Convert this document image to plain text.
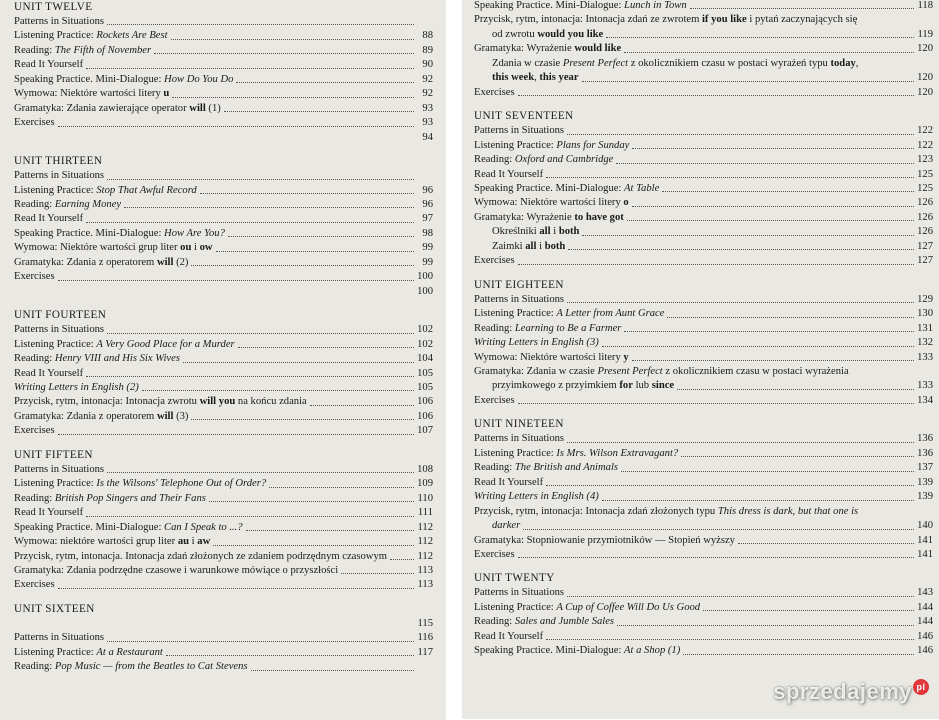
UNIT TWELVE
Patterns in Situations
Listening Practice: Rockets Are Best	88
Reading: The Fifth of November	89
Read It Yourself	90
Speaking Practice. Mini-Dialogue: How Do You Do	92
Wymowa: Niektóre wartości litery u	92
Gramatyka: Zdania zawierające operator will (1)	93
Exercises	93
94
UNIT THIRTEEN
Patterns in Situations
Listening Practice: Stop That Awful Record	96
Reading: Earning Money	96
Read It Yourself	97
Speaking Practice. Mini-Dialogue: How Are You?	98
Wymowa: Niektóre wartości grup liter ou i ow	99
Gramatyka: Zdania z operatorem will (2)	99
Exercises	100
100
UNIT FOURTEEN
Patterns in Situations	102
Listening Practice: A Very Good Place for a Murder	102
Reading: Henry VIII and His Six Wives	104
Read It Yourself	105
Writing Letters in English (2)	105
Przycisk, rytm, intonacja: Intonacja zwrotu will you na końcu zdania	106
Gramatyka: Zdania z operatorem will (3)	106
Exercises	107
UNIT FIFTEEN
Patterns in Situations	108
Listening Practice: Is the Wilsons' Telephone Out of Order?	109
Reading: British Pop Singers and Their Fans	110
Read It Yourself	111
Speaking Practice. Mini-Dialogue: Can I Speak to ...?	112
Wymowa: niektóre wartości grup liter au i aw	112
Przycisk, rytm, intonacja. Intonacja zdań złożonych ze zdaniem podrzędnym czasowym	112
Gramatyka: Zdania podrzędne czasowe i warunkowe mówiące o przyszłości	113
Exercises	113
UNIT SIXTEEN
115
Patterns in Situations	116
Listening Practice: At a Restaurant	117
Reading: Pop Music — from the Beatles to Cat Stevens
Speaking Practice. Mini-Dialogue: Lunch in Town	118
Przycisk, rytm, intonacja: Intonacja zdań ze zwrotem if you like i pytań zaczynających się
od zwrotu would you like	119
Gramatyka: Wyrażenie would like	120
Zdania w czasie Present Perfect z okolicznikiem czasu w postaci wyrażeń typu today,
this week, this year	120
Exercises	120
UNIT SEVENTEEN
Patterns in Situations	122
Listening Practice: Plans for Sunday	122
Reading: Oxford and Cambridge	123
Read It Yourself	125
Speaking Practice. Mini-Dialogue: At Table	125
Wymowa: Niektóre wartości litery o	126
Gramatyka: Wyrażenie to have got	126
Określniki all i both	126
Zaimki all i both	127
Exercises	127
UNIT EIGHTEEN
Patterns in Situations	129
Listening Practice: A Letter from Aunt Grace	130
Reading: Learning to Be a Farmer	131
Writing Letters in English (3)	132
Wymowa: Niektóre wartości litery y	133
Gramatyka: Zdania w czasie Present Perfect z okolicznikiem czasu w postaci wyrażenia
przyimkowego z przyimkiem for lub since	133
Exercises	134
UNIT NINETEEN
Patterns in Situations	136
Listening Practice: Is Mrs. Wilson Extravagant?	136
Reading: The British and Animals	137
Read It Yourself	139
Writing Letters in English (4)	139
Przycisk, rytm, intonacja: Intonacja zdań złożonych typu This dress is dark, but that one is
darker	140
Gramatyka: Stopniowanie przymiotników — Stopień wyższy	141
Exercises	141
UNIT TWENTY
Patterns in Situations	143
Listening Practice: A Cup of Coffee Will Do Us Good	144
Reading: Sales and Jumble Sales	144
Read It Yourself	146
Speaking Practice. Mini-Dialogue: At a Shop (1)	146
sprzedajemy pl
